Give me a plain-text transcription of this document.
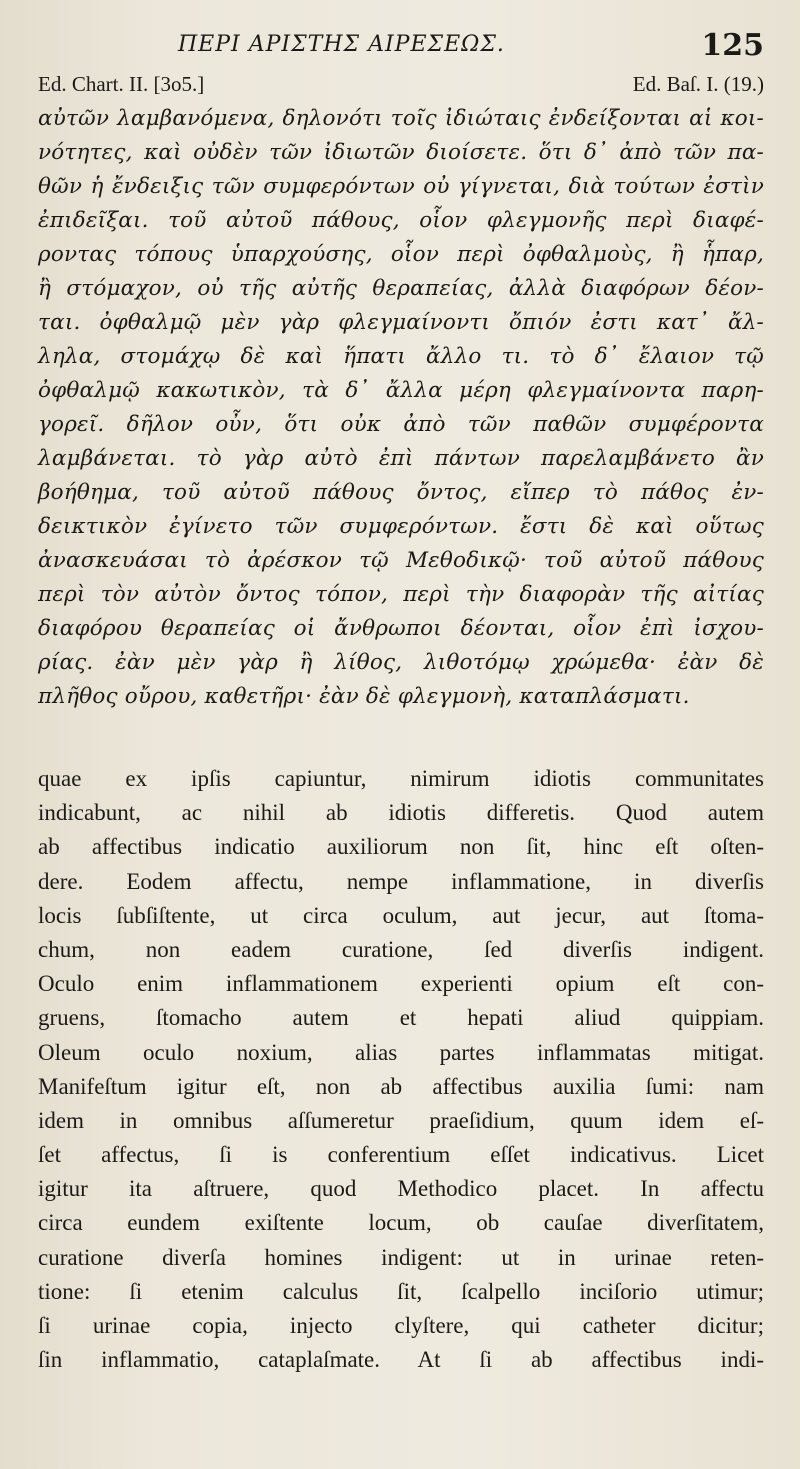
ΠΕΡΙ ΑΡΙΣΤΗΣ ΑΙΡΕΣΕΩΣ.	125
Ed. Chart. II. [3o5.]	Ed. Baſ. I. (19.)
αὐτῶν λαμβανόμενα, δηλονότι τοῖς ἰδιώταις ἐνδείξονται αἱ κοι-
νότητες, καὶ οὐδὲν τῶν ἰδιωτῶν διοίσετε. ὅτι δ᾽ ἀπὸ τῶν πα-
θῶν ἡ ἔνδειξις τῶν συμφερόντων οὐ γίγνεται, διὰ τούτων ἐστὶν
ἐπιδεῖξαι. τοῦ αὐτοῦ πάθους, οἷον φλεγμονῆς περὶ διαφέ-
ροντας τόπους ὑπαρχούσης, οἷον περὶ ὀφθαλμοὺς, ἢ ἧπαρ,
ἢ στόμαχον, οὐ τῆς αὐτῆς θεραπείας, ἀλλὰ διαφόρων δέον-
ται. ὀφθαλμῷ μὲν γὰρ φλεγμαίνοντι ὄπιόν ἐστι κατ᾽ ἄλ-
ληλα, στομάχῳ δὲ καὶ ἥπατι ἄλλο τι. τὸ δ᾽ ἔλαιον τῷ
ὀφθαλμῷ κακωτικὸν, τὰ δ᾽ ἄλλα μέρη φλεγμαίνοντα παρη-
γορεῖ. δῆλον οὖν, ὅτι οὐκ ἀπὸ τῶν παθῶν συμφέροντα
λαμβάνεται. τὸ γὰρ αὐτὸ ἐπὶ πάντων παρελαμβάνετο ἂν
βοήθημα, τοῦ αὐτοῦ πάθους ὄντος, εἴπερ τὸ πάθος ἐν-
δεικτικὸν ἐγίνετο τῶν συμφερόντων. ἔστι δὲ καὶ οὕτως
ἀνασκευάσαι τὸ ἀρέσκον τῷ Μεθοδικῷ· τοῦ αὐτοῦ πάθους
περὶ τὸν αὐτὸν ὄντος τόπον, περὶ τὴν διαφορὰν τῆς αἰτίας
διαφόρου θεραπείας οἱ ἄνθρωποι δέονται, οἷον ἐπὶ ἰσχου-
ρίας. ἐὰν μὲν γὰρ ἢ λίθος, λιθοτόμῳ χρώμεθα· ἐὰν δὲ
πλῆθος οὔρου, καθετῆρι· ἐὰν δὲ φλεγμονὴ, καταπλάσματι.
quae ex ipſis capiuntur, nimirum idiotis communitates
indicabunt, ac nihil ab idiotis differetis. Quod autem
ab affectibus indicatio auxiliorum non ſit, hinc eſt oſten-
dere. Eodem affectu, nempe inflammatione, in diverſis
locis ſubſiſtente, ut circa oculum, aut jecur, aut ſtoma-
chum, non eadem curatione, ſed diverſis indigent.
Oculo enim inflammationem experienti opium eſt con-
gruens, ſtomacho autem et hepati aliud quippiam.
Oleum oculo noxium, alias partes inflammatas mitigat.
Manifeſtum igitur eſt, non ab affectibus auxilia ſumi: nam
idem in omnibus aſſumeretur praeſidium, quum idem eſ-
ſet affectus, ſi is conferentium eſſet indicativus. Licet
igitur ita aſtruere, quod Methodico placet. In affectu
circa eundem exiſtente locum, ob cauſae diverſitatem,
curatione diverſa homines indigent: ut in urinae reten-
tione: ſi etenim calculus ſit, ſcalpello inciſorio utimur;
ſi urinae copia, injecto clyſtere, qui catheter dicitur;
ſin inflammatio, cataplaſmate. At ſi ab affectibus indi-
